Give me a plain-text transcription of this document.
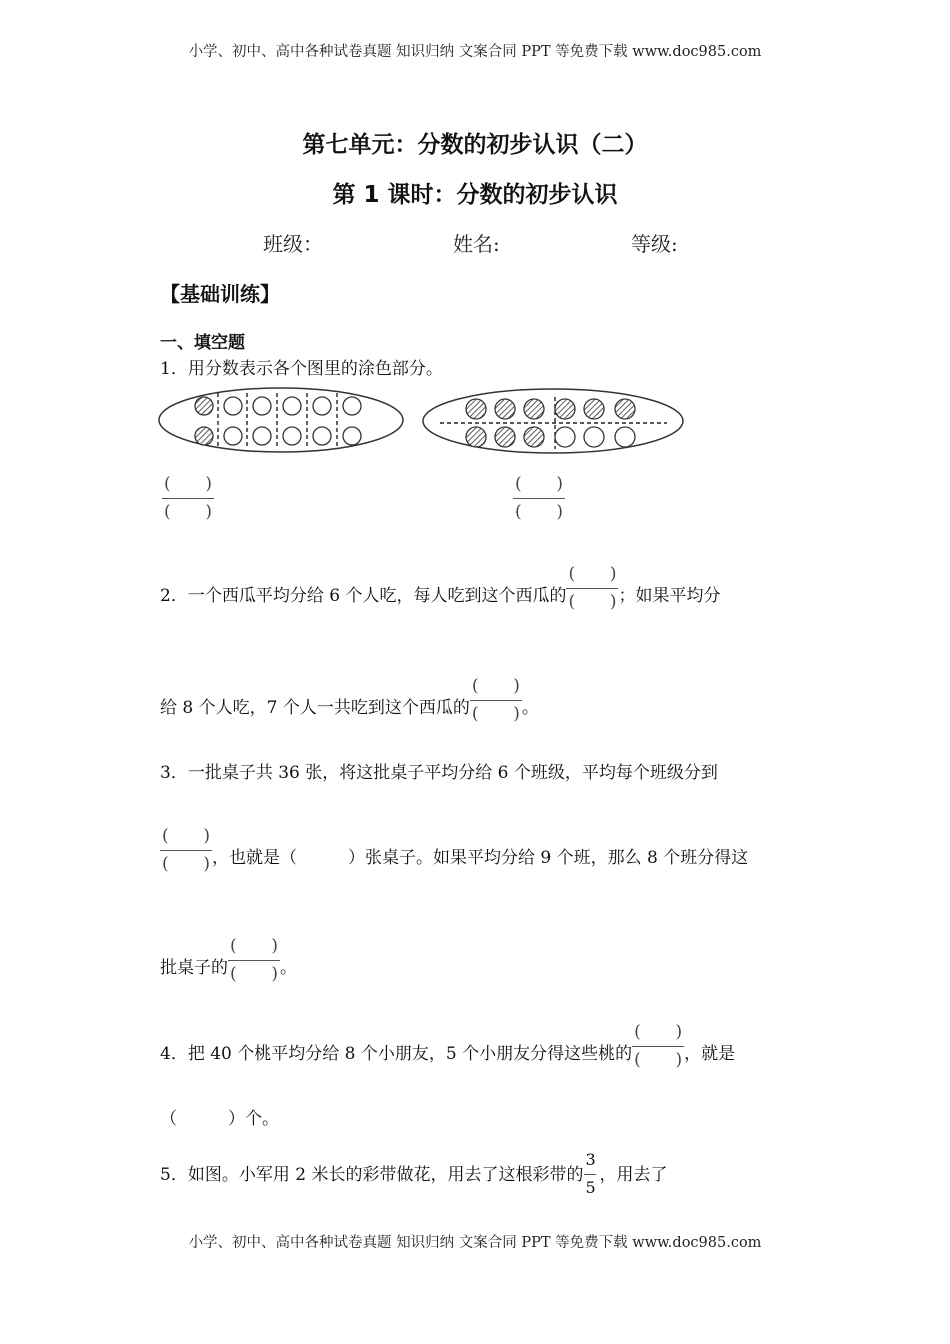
小学、初中、高中各种试卷真题 知识归纳 文案合同 PPT 等免费下载 www.doc985.com
第七单元：分数的初步认识（二）
第 1 课时：分数的初步认识
班级：	姓名:	等级:
【基础训练】
一、填空题
1．用分数表示各个图里的涂色部分。
$\frac{( )}{( )}$	$\frac{( )}{( )}$
2．一个西瓜平均分给 6 个人吃，每人吃到这个西瓜的 $\frac{( )}{( )}$ ；如果平均分
给 8 个人吃，7 个人一共吃到这个西瓜的 $\frac{( )}{( )}$ 。
3．一批桌子共 36 张，将这批桌子平均分给 6 个班级，平均每个班级分到
$\frac{( )}{( )}$ ，也就是（　　　）张桌子。如果平均分给 9 个班，那么 8 个班分得这
批桌子的 $\frac{( )}{( )}$ 。
4．把 40 个桃平均分给 8 个小朋友，5 个小朋友分得这些桃的 $\frac{( )}{( )}$ ，就是
（　　　）个。
5．如图。小军用 2 米长的彩带做花，用去了这根彩带的 $\frac{3}{5}$ ，用去了
小学、初中、高中各种试卷真题 知识归纳 文案合同 PPT 等免费下载 www.doc985.com
